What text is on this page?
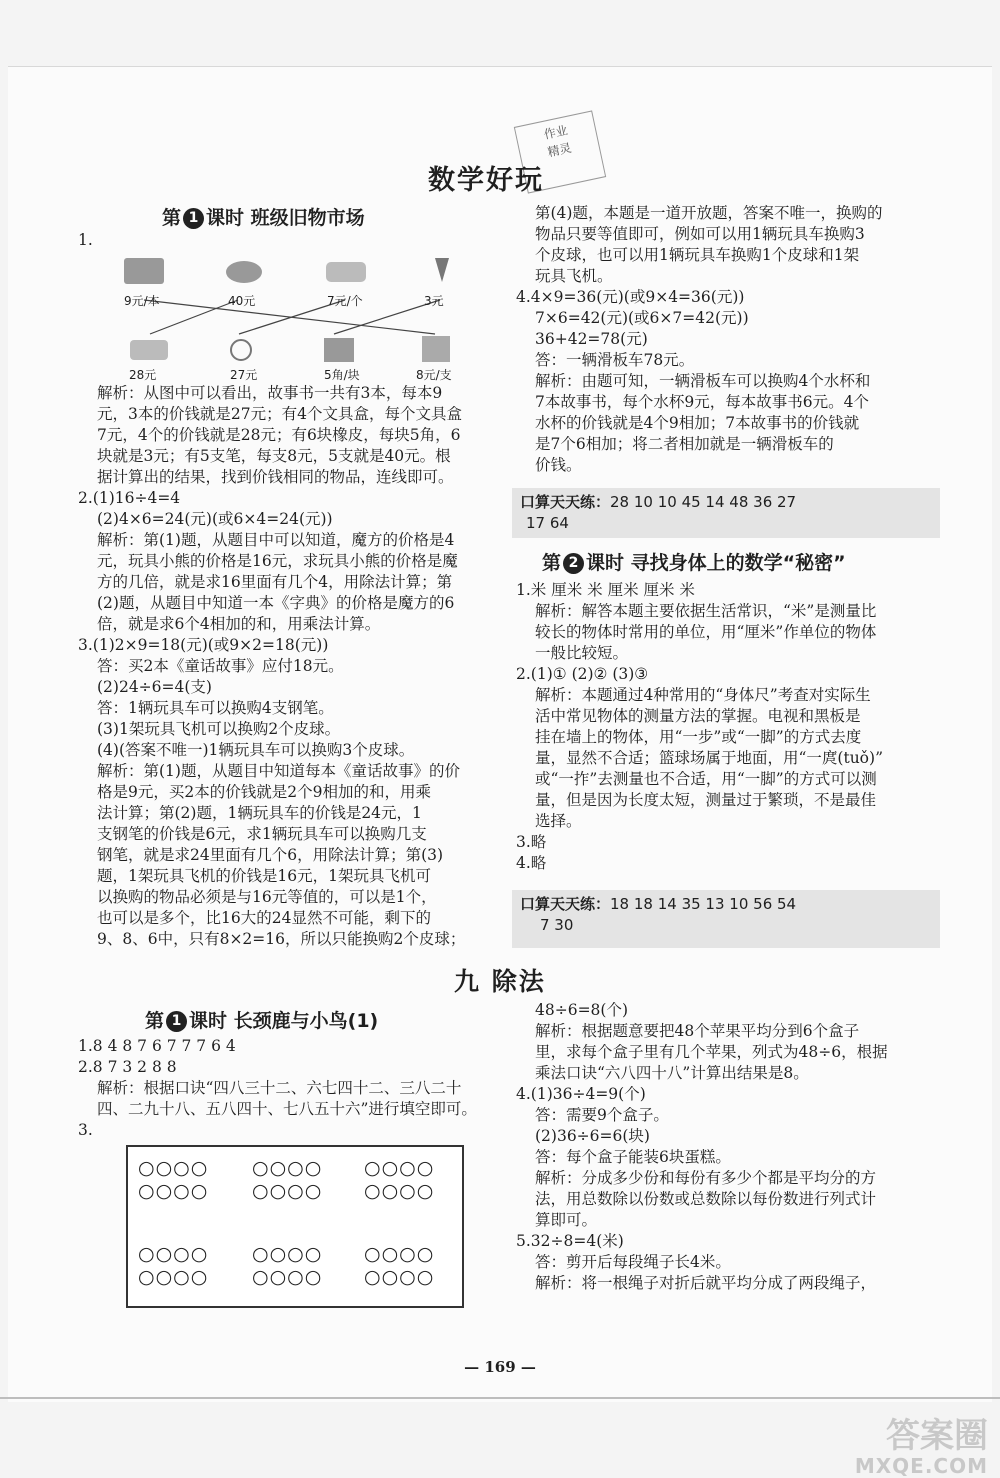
作业
精灵
数学好玩
第 1 课时 班级旧物市场
9元/本	40元	7元/个	3元
28元	27元	5角/块	8元/支

1.

解析：从图中可以看出，故事书一共有3本，每本9

元，3本的价钱就是27元；有4个文具盒，每个文具盒

7元，4个的价钱就是28元；有6块橡皮，每块5角，6

块就是3元；有5支笔，每支8元，5支就是40元。根

据计算出的结果，找到价钱相同的物品，连线即可。

2.(1)16÷4=4

(2)4×6=24(元)(或6×4=24(元))

解析：第(1)题，从题目中可以知道，魔方的价格是4

元，玩具小熊的价格是16元，求玩具小熊的价格是魔

方的几倍，就是求16里面有几个4，用除法计算；第

(2)题，从题目中知道一本《字典》的价格是魔方的6

倍，就是求6个4相加的和，用乘法计算。

3.(1)2×9=18(元)(或9×2=18(元))

答：买2本《童话故事》应付18元。

(2)24÷6=4(支)

答：1辆玩具车可以换购4支钢笔。

(3)1架玩具飞机可以换购2个皮球。

(4)(答案不唯一)1辆玩具车可以换购3个皮球。

解析：第(1)题，从题目中知道每本《童话故事》的价

格是9元，买2本的价钱就是2个9相加的和，用乘

法计算；第(2)题，1辆玩具车的价钱是24元，1

支钢笔的价钱是6元，求1辆玩具车可以换购几支

钢笔，就是求24里面有几个6，用除法计算；第(3)

题，1架玩具飞机的价钱是16元，1架玩具飞机可

以换购的物品必须是与16元等值的，可以是1个，

也可以是多个，比16大的24显然不可能，剩下的

9、8、6中，只有8×2=16，所以只能换购2个皮球；

第(4)题，本题是一道开放题，答案不唯一，换购的

物品只要等值即可，例如可以用1辆玩具车换购3

个皮球，也可以用1辆玩具车换购1个皮球和1架

玩具飞机。

4.4×9=36(元)(或9×4=36(元))

7×6=42(元)(或6×7=42(元))

36+42=78(元)

答：一辆滑板车78元。

解析：由题可知，一辆滑板车可以换购4个水杯和

7本故事书，每个水杯9元，每本故事书6元。4个

水杯的价钱就是4个9相加；7本故事书的价钱就

是7个6相加；将二者相加就是一辆滑板车的

价钱。

口算天天练：28 10 10 45 14 48 36 27
17 64
第 2 课时 寻找身体上的数学“秘密”

1.米 厘米 米 厘米 厘米 米

解析：解答本题主要依据生活常识，“米”是测量比

较长的物体时常用的单位，用“厘米”作单位的物体

一般比较短。

2.(1)① (2)② (3)③

解析：本题通过4种常用的“身体尺”考查对实际生

活中常见物体的测量方法的掌握。电视和黑板是

挂在墙上的物体，用“一步”或“一脚”的方式去度

量，显然不合适；篮球场属于地面，用“一庹(tuǒ)”

或“一拃”去测量也不合适，用“一脚”的方式可以测

量，但是因为长度太短，测量过于繁琐，不是最佳

选择。

3.略

4.略

口算天天练：18 18 14 35 13 10 56 54
7 30
九 除法
第 1 课时 长颈鹿与小鸟(1)

1.8 4 8 7 6 7 7 7 6 4

2.8 7 3 2 8 8

解析：根据口诀“四八三十二、六七四十二、三八二十

四、二九十八、五八四十、七八五十六”进行填空即可。

3.

○○○○
○○○○
○○○○
○○○○
○○○○
○○○○
○○○○
○○○○
○○○○
○○○○
○○○○
○○○○

48÷6=8(个)

解析：根据题意要把48个苹果平均分到6个盒子

里，求每个盒子里有几个苹果，列式为48÷6，根据

乘法口诀“六八四十八”计算出结果是8。

4.(1)36÷4=9(个)

答：需要9个盒子。

(2)36÷6=6(块)

答：每个盒子能装6块蛋糕。

解析：分成多少份和每份有多少个都是平均分的方

法，用总数除以份数或总数除以每份数进行列式计

算即可。

5.32÷8=4(米)

答：剪开后每段绳子长4米。

解析：将一根绳子对折后就平均分成了两段绳子，

— 169 —
答案圈
MXQE.COM
